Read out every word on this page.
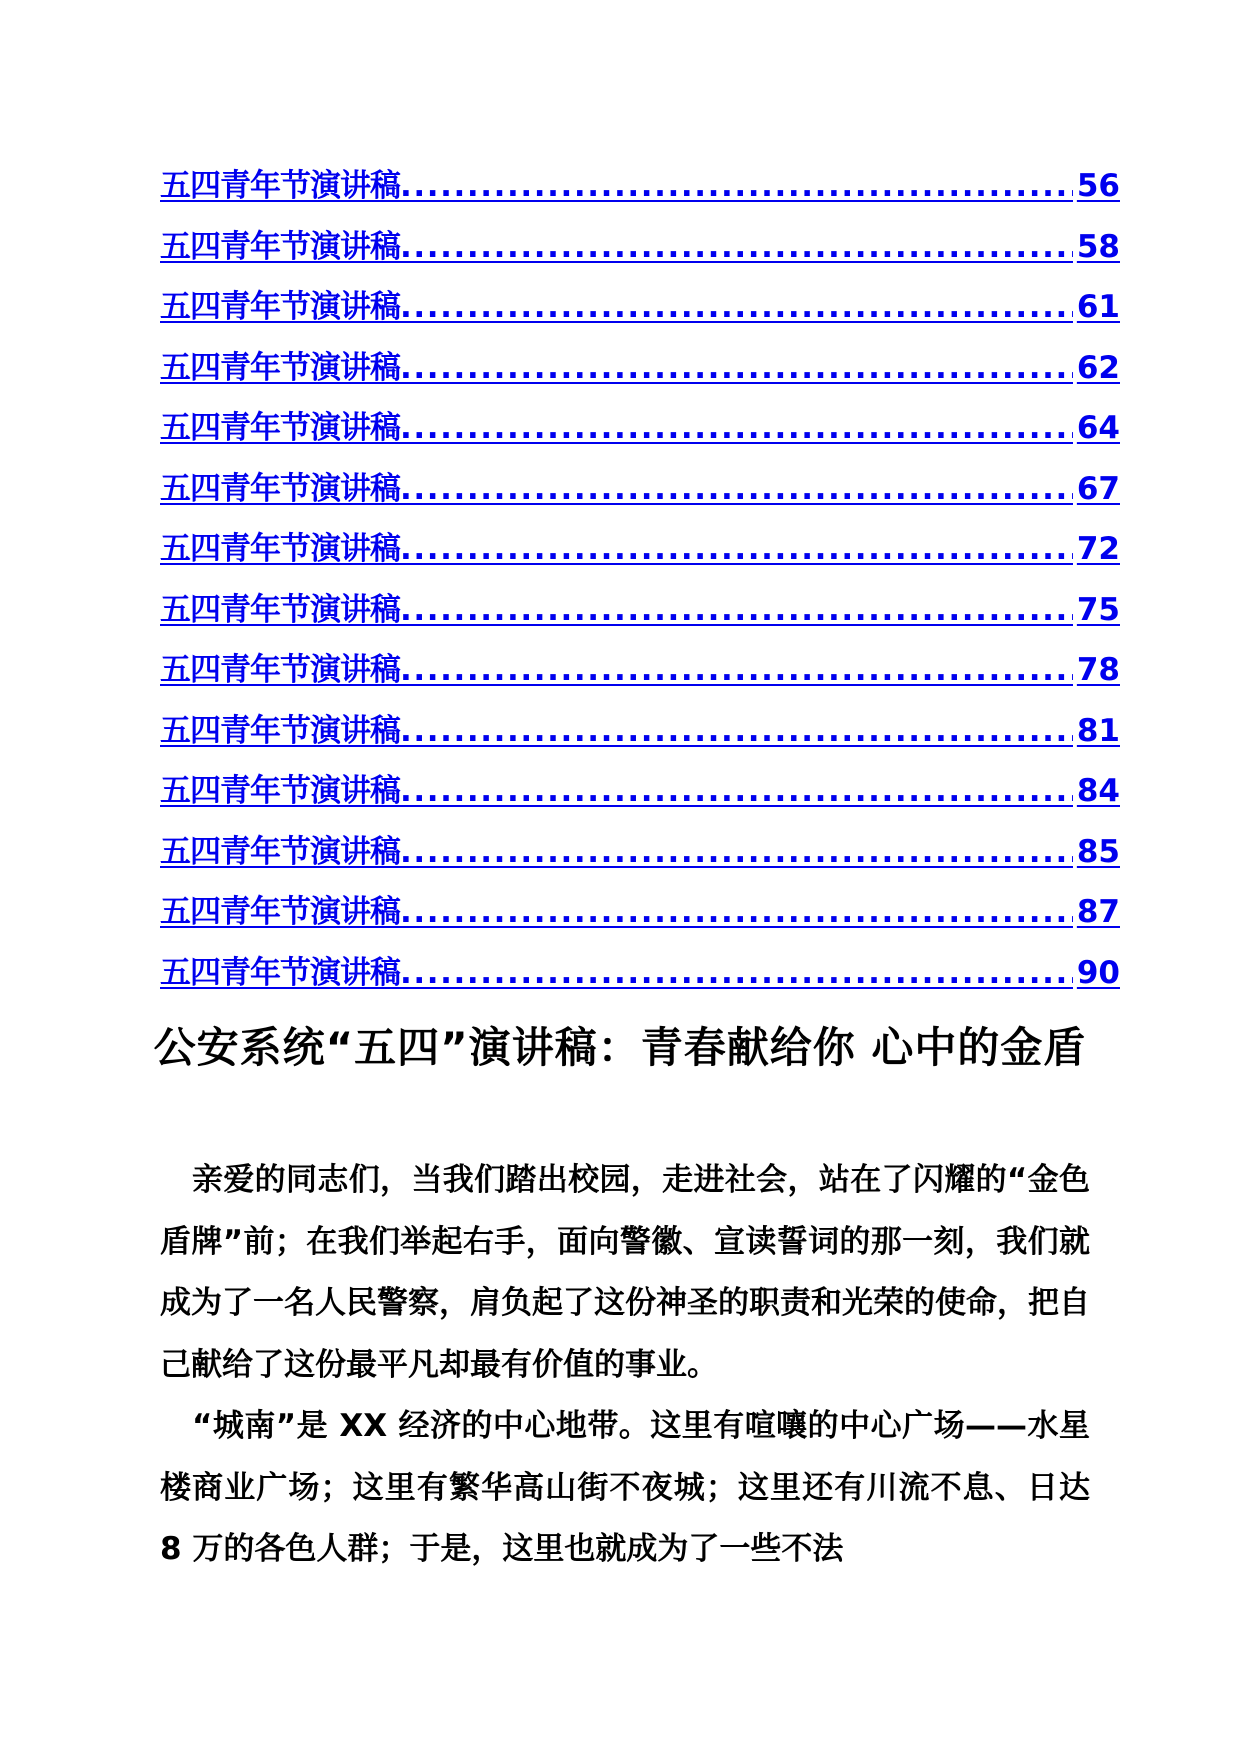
五四青年节演讲稿 .....	56
五四青年节演讲稿 .....	58
五四青年节演讲稿 .....	61
五四青年节演讲稿 .....	62
五四青年节演讲稿 .....	64
五四青年节演讲稿 .....	67
五四青年节演讲稿 .....	72
五四青年节演讲稿 .....	75
五四青年节演讲稿 .....	78
五四青年节演讲稿 .....	81
五四青年节演讲稿 .....	84
五四青年节演讲稿 .....	85
五四青年节演讲稿 .....	87
五四青年节演讲稿 .....	90
公安系统“五四”演讲稿：青春献给你 心中的金盾

亲爱的同志们，当我们踏出校园，走进社会，站在了闪耀的“金色盾牌”前；在我们举起右手，面向警徽、宣读誓词的那一刻，我们就成为了一名人民警察，肩负起了这份神圣的职责和光荣的使命，把自己献给了这份最平凡却最有价值的事业。

“城南”是 XX 经济的中心地带。这里有喧嚷的中心广场——水星楼商业广场；这里有繁华高山街不夜城；这里还有川流不息、日达 8 万的各色人群；于是，这里也就成为了一些不法
